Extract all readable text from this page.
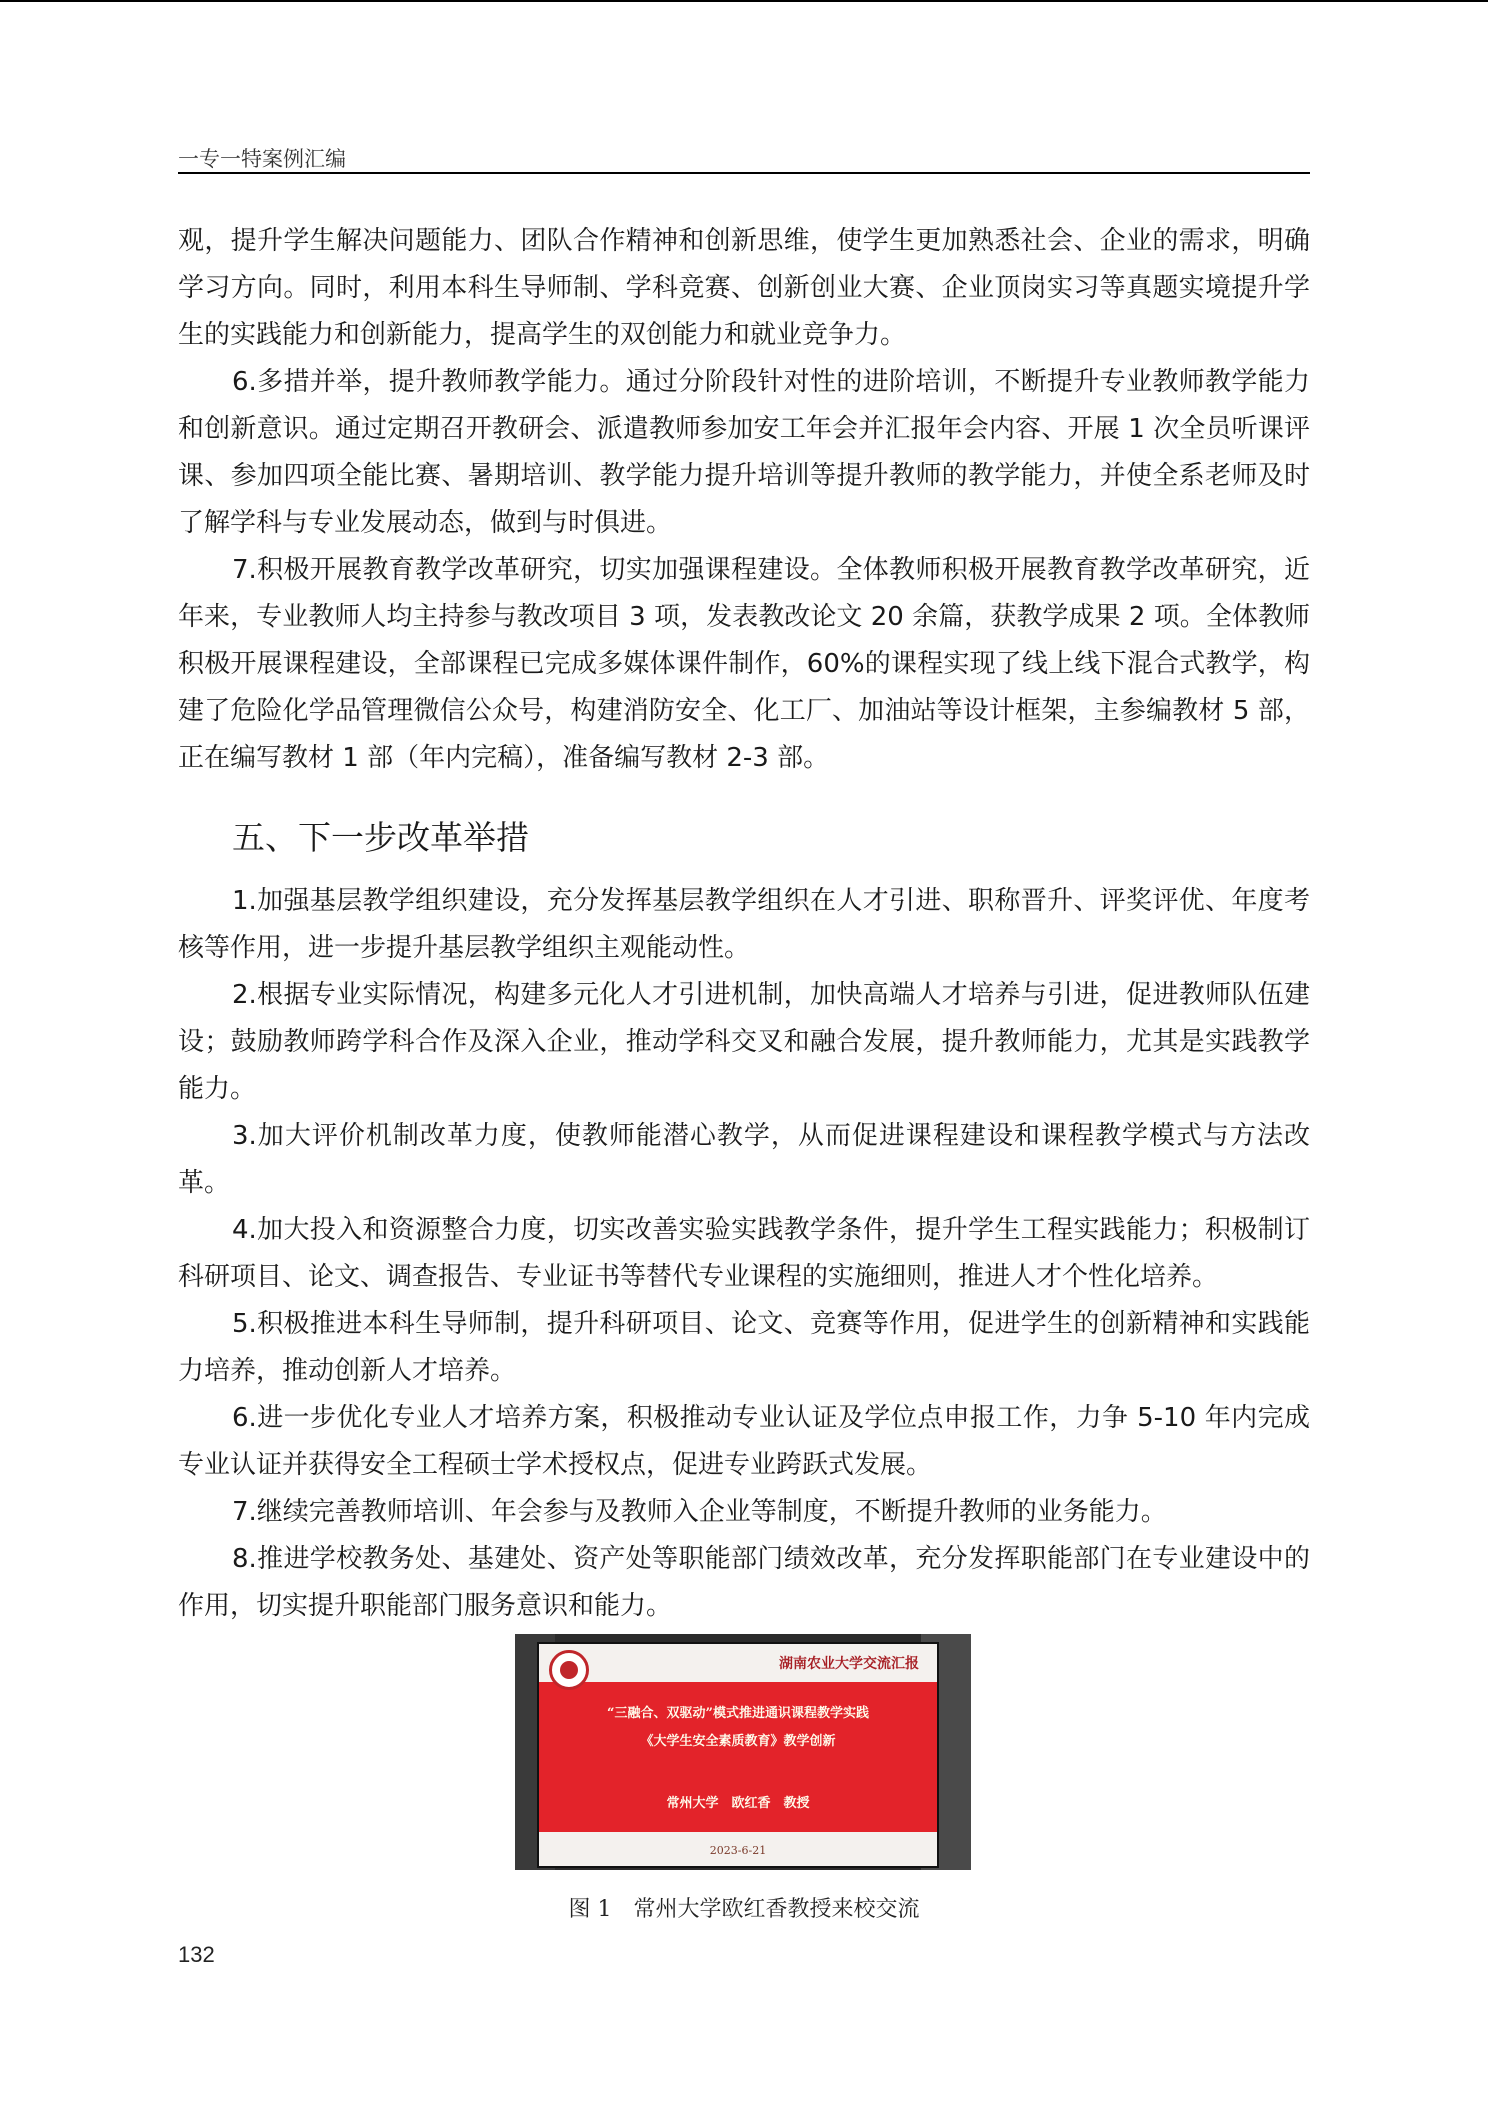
一专一特案例汇编

观，提升学生解决问题能力、团队合作精神和创新思维，使学生更加熟悉社会、企业的需求，明确学习方向。同时，利用本科生导师制、学科竞赛、创新创业大赛、企业顶岗实习等真题实境提升学生的实践能力和创新能力，提高学生的双创能力和就业竞争力。

6.多措并举，提升教师教学能力。通过分阶段针对性的进阶培训，不断提升专业教师教学能力和创新意识。通过定期召开教研会、派遣教师参加安工年会并汇报年会内容、开展 1 次全员听课评课、参加四项全能比赛、暑期培训、教学能力提升培训等提升教师的教学能力，并使全系老师及时了解学科与专业发展动态，做到与时俱进。

7.积极开展教育教学改革研究，切实加强课程建设。全体教师积极开展教育教学改革研究，近年来，专业教师人均主持参与教改项目 3 项，发表教改论文 20 余篇，获教学成果 2 项。全体教师积极开展课程建设，全部课程已完成多媒体课件制作，60%的课程实现了线上线下混合式教学，构建了危险化学品管理微信公众号，构建消防安全、化工厂、加油站等设计框架，主参编教材 5 部，正在编写教材 1 部（年内完稿），准备编写教材 2-3 部。

五、下一步改革举措

1.加强基层教学组织建设，充分发挥基层教学组织在人才引进、职称晋升、评奖评优、年度考核等作用，进一步提升基层教学组织主观能动性。

2.根据专业实际情况，构建多元化人才引进机制，加快高端人才培养与引进，促进教师队伍建设；鼓励教师跨学科合作及深入企业，推动学科交叉和融合发展，提升教师能力，尤其是实践教学能力。

3.加大评价机制改革力度，使教师能潜心教学，从而促进课程建设和课程教学模式与方法改革。

4.加大投入和资源整合力度，切实改善实验实践教学条件，提升学生工程实践能力；积极制订科研项目、论文、调查报告、专业证书等替代专业课程的实施细则，推进人才个性化培养。

5.积极推进本科生导师制，提升科研项目、论文、竞赛等作用，促进学生的创新精神和实践能力培养，推动创新人才培养。

6.进一步优化专业人才培养方案，积极推动专业认证及学位点申报工作，力争 5-10 年内完成专业认证并获得安全工程硕士学术授权点，促进专业跨跃式发展。

7.继续完善教师培训、年会参与及教师入企业等制度，不断提升教师的业务能力。

8.推进学校教务处、基建处、资产处等职能部门绩效改革，充分发挥职能部门在专业建设中的作用，切实提升职能部门服务意识和能力。

湖南农业大学交流汇报
“三融合、双驱动”模式推进通识课程教学实践
《大学生安全素质教育》教学创新
常州大学　欧红香　教授
2023-6-21
图 1　常州大学欧红香教授来校交流
132
